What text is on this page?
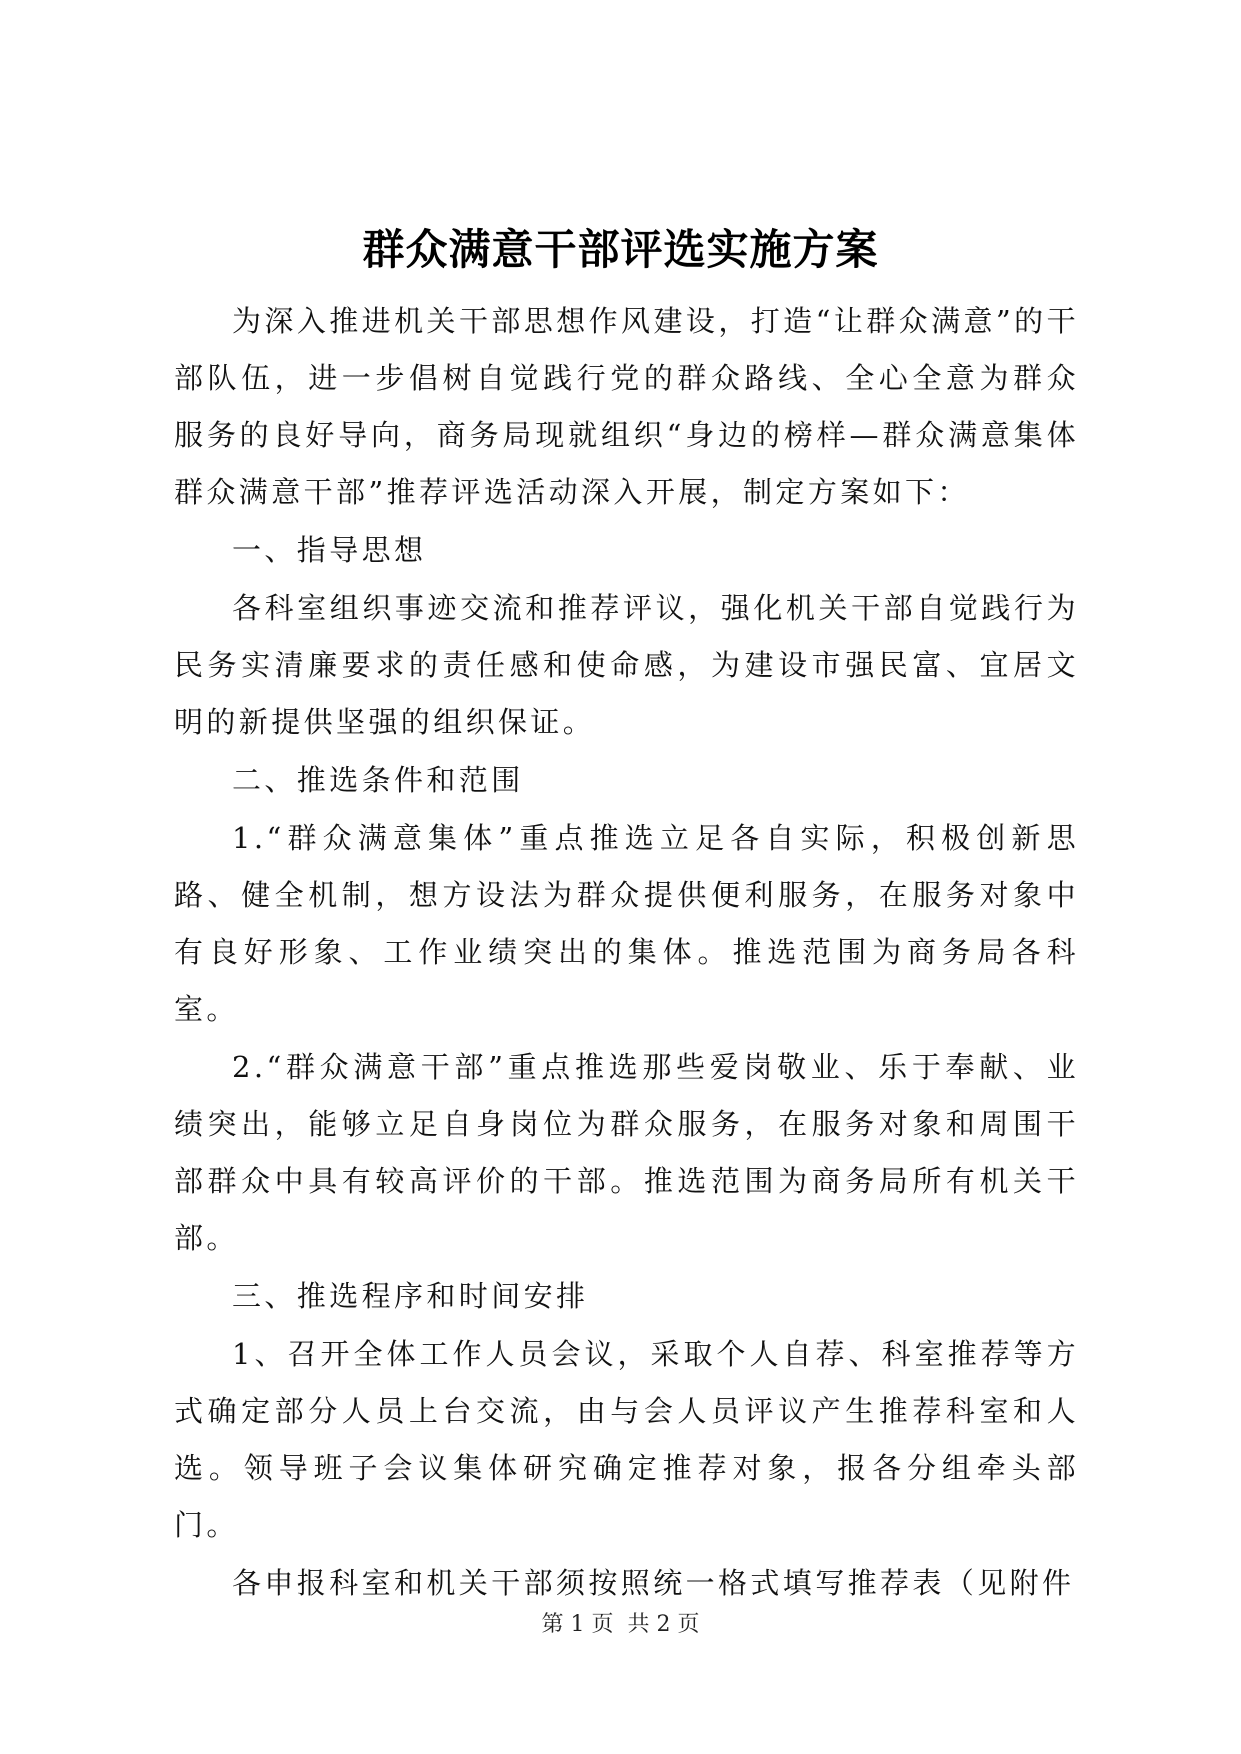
群众满意干部评选实施方案

为深入推进机关干部思想作风建设，打造“让群众满意”的干部队伍，进一步倡树自觉践行党的群众路线、全心全意为群众服务的良好导向，商务局现就组织“身边的榜样—群众满意集体群众满意干部”推荐评选活动深入开展，制定方案如下：

一、指导思想

各科室组织事迹交流和推荐评议，强化机关干部自觉践行为民务实清廉要求的责任感和使命感，为建设市强民富、宜居文明的新提供坚强的组织保证。

二、推选条件和范围

1.“群众满意集体”重点推选立足各自实际，积极创新思路、健全机制，想方设法为群众提供便利服务，在服务对象中有良好形象、工作业绩突出的集体。推选范围为商务局各科室。

2.“群众满意干部”重点推选那些爱岗敬业、乐于奉献、业绩突出，能够立足自身岗位为群众服务，在服务对象和周围干部群众中具有较高评价的干部。推选范围为商务局所有机关干部。

三、推选程序和时间安排

1、召开全体工作人员会议，采取个人自荐、科室推荐等方式确定部分人员上台交流，由与会人员评议产生推荐科室和人选。领导班子会议集体研究确定推荐对象，报各分组牵头部门。

各申报科室和机关干部须按照统一格式填写推荐表（见附件

第 1 页  共 2 页
